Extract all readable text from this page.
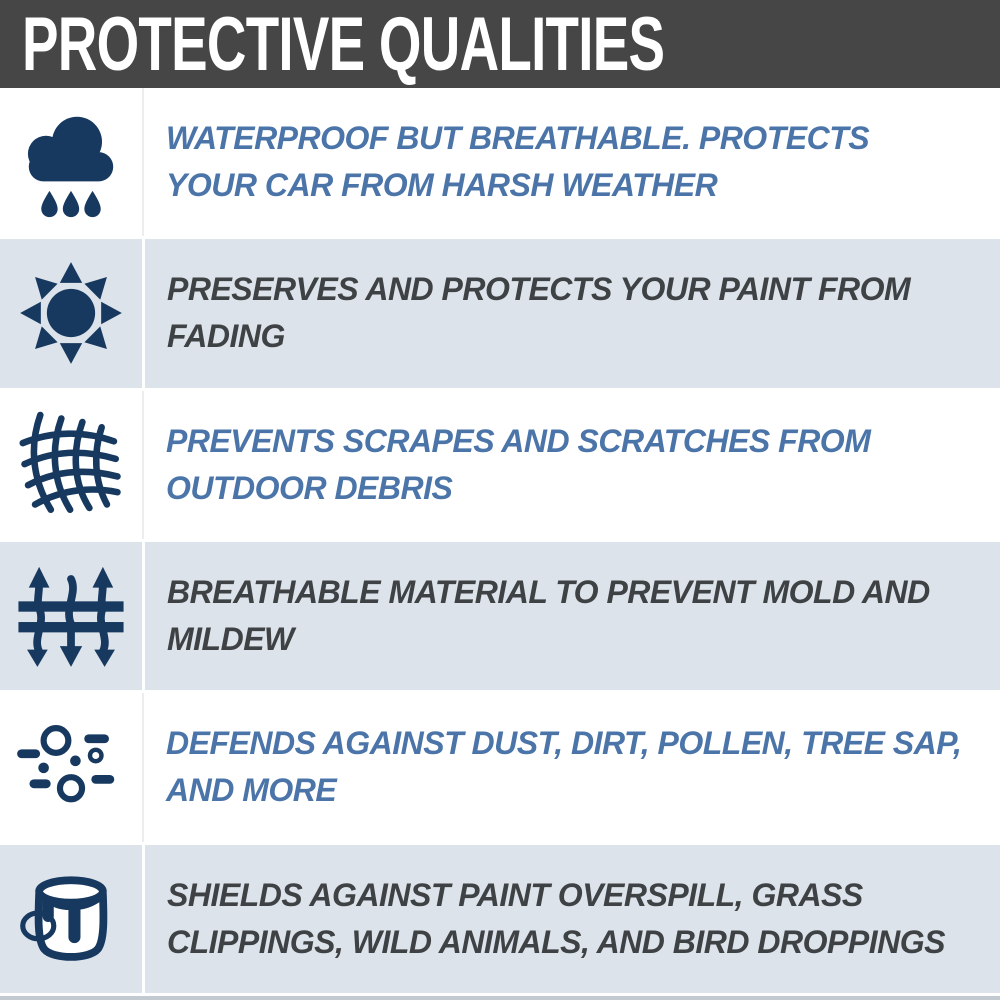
PROTECTIVE QUALITIES
WATERPROOF BUT BREATHABLE. PROTECTS
YOUR CAR FROM HARSH WEATHER
PRESERVES AND PROTECTS YOUR PAINT FROM
FADING
PREVENTS SCRAPES AND SCRATCHES FROM
OUTDOOR DEBRIS
BREATHABLE MATERIAL TO PREVENT MOLD AND
MILDEW
DEFENDS AGAINST DUST, DIRT, POLLEN, TREE SAP,
AND MORE
SHIELDS AGAINST PAINT OVERSPILL, GRASS
CLIPPINGS, WILD ANIMALS, AND BIRD DROPPINGS
